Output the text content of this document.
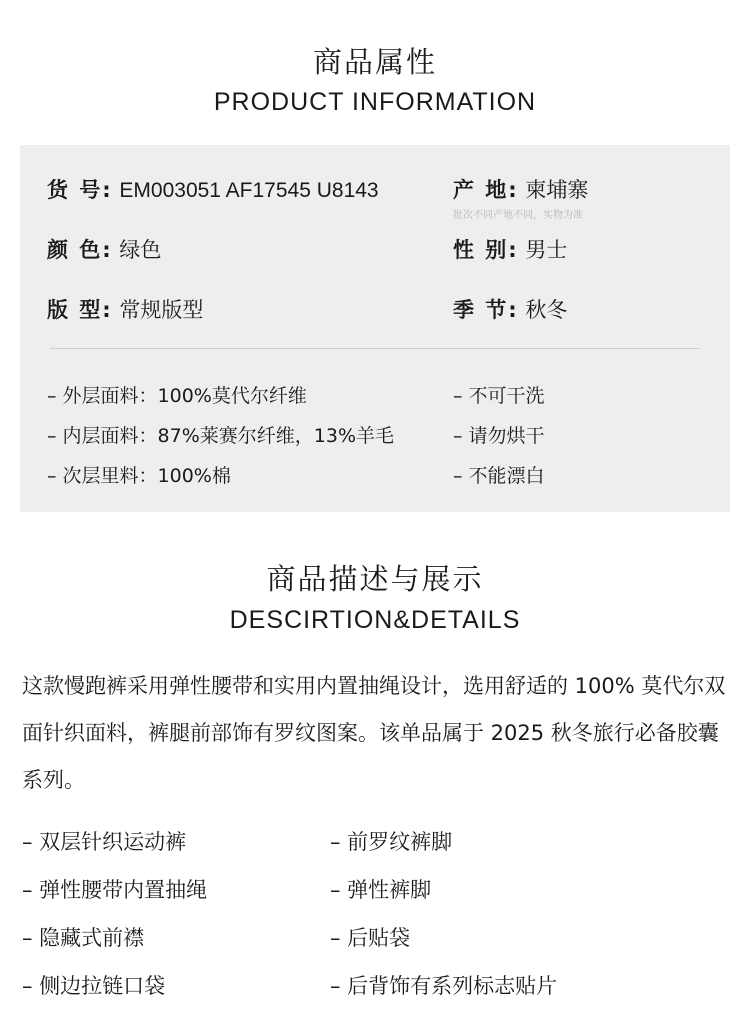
商品属性
PRODUCT INFORMATION
货 号: EM003051 AF17545 U8143	产 地: 柬埔寨
批次不同产地不同，实物为准
颜 色: 绿色	性 别: 男士
版 型: 常规版型	季 节: 秋冬
– 外层面料：100%莫代尔纤维
– 内层面料：87%莱赛尔纤维，13%羊毛
– 次层里料：100%棉
– 不可干洗
– 请勿烘干
– 不能漂白
商品描述与展示
DESCIRTION&DETAILS

这款慢跑裤采用弹性腰带和实用内置抽绳设计，选用舒适的 100% 莫代尔双面针织面料，裤腿前部饰有罗纹图案。该单品属于 2025 秋冬旅行必备胶囊系列。

– 双层针织运动裤
– 弹性腰带内置抽绳
– 隐藏式前襟
– 侧边拉链口袋
– 前罗纹裤脚
– 弹性裤脚
– 后贴袋
– 后背饰有系列标志贴片
